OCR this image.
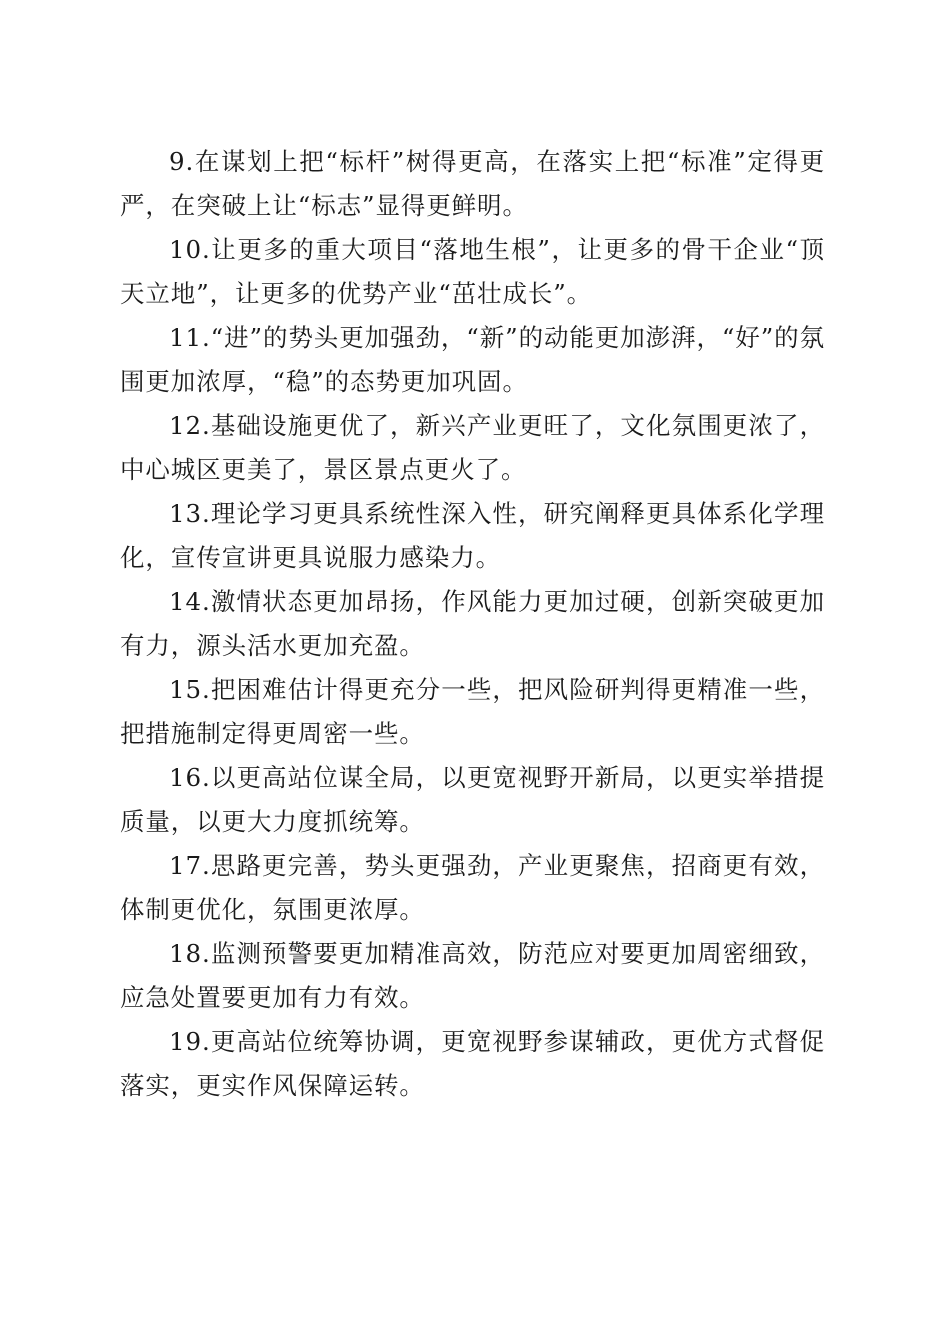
9.在谋划上把“标杆”树得更高，在落实上把“标准”定得更严，在突破上让“标志”显得更鲜明。

10.让更多的重大项目“落地生根”，让更多的骨干企业“顶天立地”，让更多的优势产业“茁壮成长”。

11.“进”的势头更加强劲，“新”的动能更加澎湃，“好”的氛围更加浓厚，“稳”的态势更加巩固。

12.基础设施更优了，新兴产业更旺了，文化氛围更浓了，中心城区更美了，景区景点更火了。

13.理论学习更具系统性深入性，研究阐释更具体系化学理化，宣传宣讲更具说服力感染力。

14.激情状态更加昂扬，作风能力更加过硬，创新突破更加有力，源头活水更加充盈。

15.把困难估计得更充分一些，把风险研判得更精准一些，把措施制定得更周密一些。

16.以更高站位谋全局，以更宽视野开新局，以更实举措提质量，以更大力度抓统筹。

17.思路更完善，势头更强劲，产业更聚焦，招商更有效，体制更优化，氛围更浓厚。

18.监测预警要更加精准高效，防范应对要更加周密细致，应急处置要更加有力有效。

19.更高站位统筹协调，更宽视野参谋辅政，更优方式督促落实，更实作风保障运转。
